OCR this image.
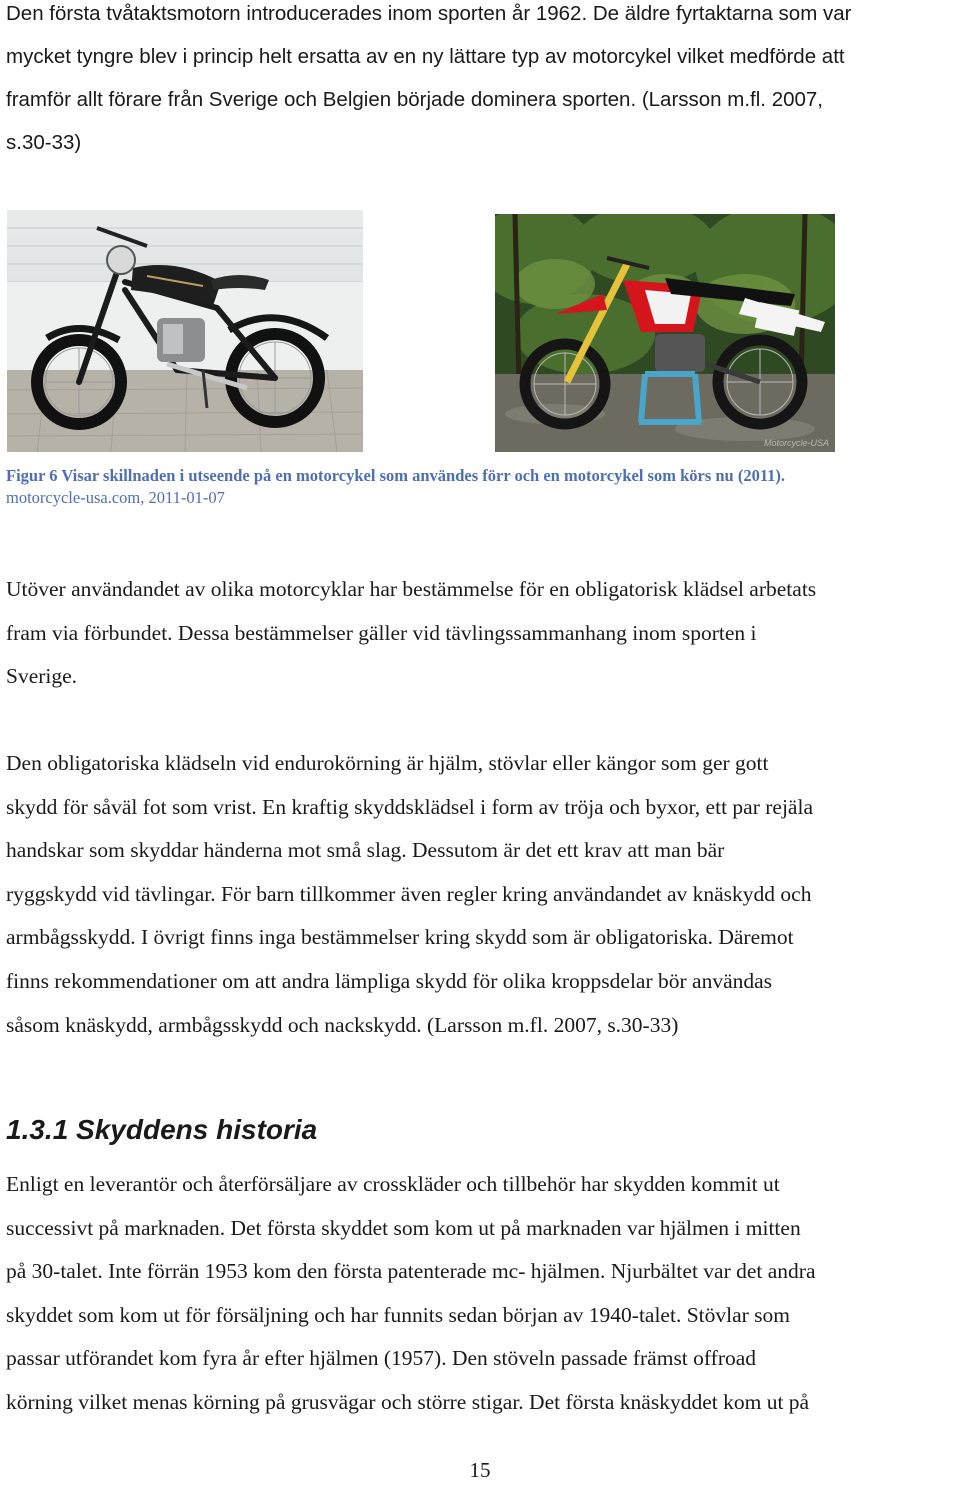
Den första tvåtaktsmotorn introducerades inom sporten år 1962. De äldre fyrtaktarna som var
mycket tyngre blev i princip helt ersatta av en ny lättare typ av motorcykel vilket medförde att
framför allt förare från Sverige och Belgien började dominera sporten. (Larsson m.fl. 2007,
s.30-33)
Motorcycle-USA
Figur 6 Visar skillnaden i utseende på en motorcykel som användes förr och en motorcykel som körs nu (2011).
motorcycle-usa.com, 2011-01-07
Utöver användandet av olika motorcyklar har bestämmelse för en obligatorisk klädsel arbetats
fram via förbundet. Dessa bestämmelser gäller vid tävlingssammanhang inom sporten i
Sverige.
Den obligatoriska klädseln vid endurokörning är hjälm, stövlar eller kängor som ger gott
skydd för såväl fot som vrist. En kraftig skyddsklädsel i form av tröja och byxor, ett par rejäla
handskar som skyddar händerna mot små slag. Dessutom är det ett krav att man bär
ryggskydd vid tävlingar. För barn tillkommer även regler kring användandet av knäskydd och
armbågsskydd. I övrigt finns inga bestämmelser kring skydd som är obligatoriska. Däremot
finns rekommendationer om att andra lämpliga skydd för olika kroppsdelar bör användas
såsom knäskydd, armbågsskydd och nackskydd. (Larsson m.fl. 2007, s.30-33)
1.3.1 Skyddens historia
Enligt en leverantör och återförsäljare av crosskläder och tillbehör har skydden kommit ut
successivt på marknaden. Det första skyddet som kom ut på marknaden var hjälmen i mitten
på 30-talet. Inte förrän 1953 kom den första patenterade mc- hjälmen. Njurbältet var det andra
skyddet som kom ut för försäljning och har funnits sedan början av 1940-talet. Stövlar som
passar utförandet kom fyra år efter hjälmen (1957). Den stöveln passade främst offroad
körning vilket menas körning på grusvägar och större stigar. Det första knäskyddet kom ut på
15
